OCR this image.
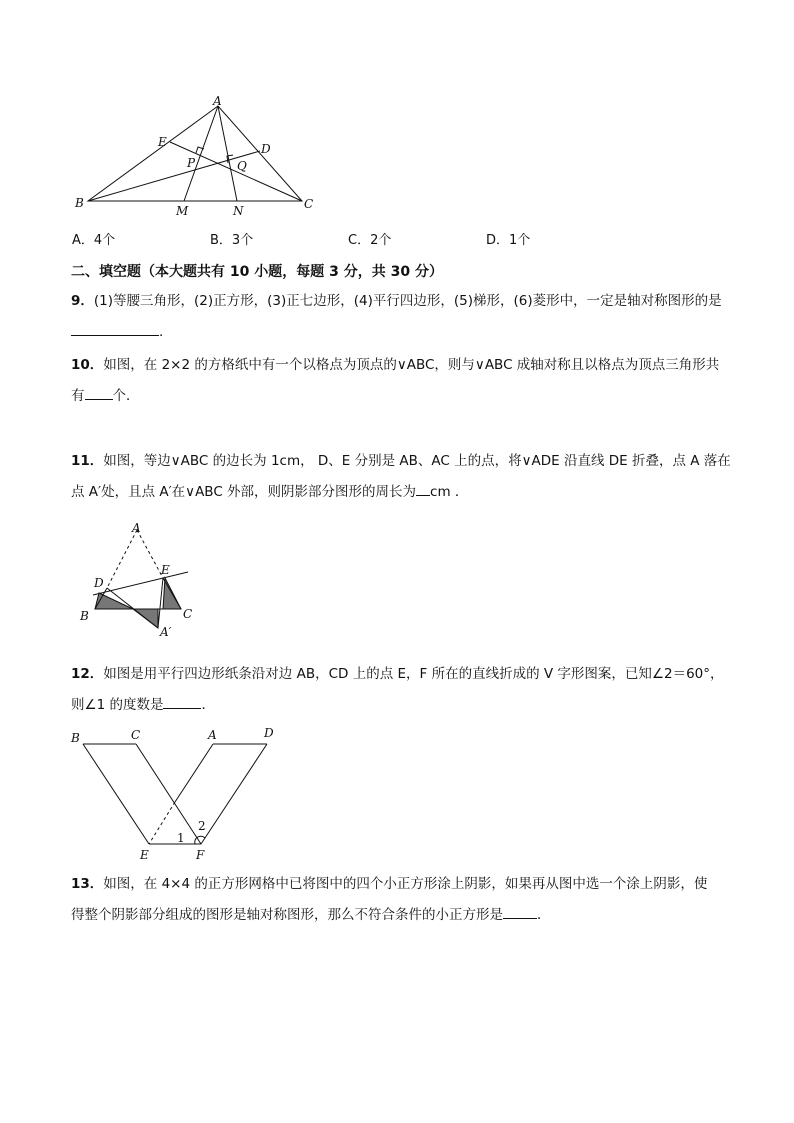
A
B	C
D
E
M	N
P	Q
A．4个	B．3个	C．2个	D．1个
二、填空题（本大题共有 10 小题，每题 3 分，共 30 分）
9．(1)等腰三角形，(2)正方形，(3)正七边形，(4)平行四边形，(5)梯形，(6)菱形中，一定是轴对称图形的是
.
10．如图，在 2×2 的方格纸中有一个以格点为顶点的∨ABC，则与∨ABC 成轴对称且以格点为顶点三角形共
有 个．
11．如图，等边∨ABC 的边长为 1cm， D、E 分别是 AB、AC 上的点，将∨ADE 沿直线 DE 折叠，点 A 落在
点 A′处，且点 A′在∨ABC 外部，则阴影部分图形的周长为 cm ．
A
D
E
B	C
A′
12．如图是用平行四边形纸条沿对边 AB，CD 上的点 E，F 所在的直线折成的 V 字形图案，已知∠2＝60°，
则∠1 的度数是	．
B	C	A	D
E	F
1
2
13．如图，在 4×4 的正方形网格中已将图中的四个小正方形涂上阴影，如果再从图中选一个涂上阴影，使
得整个阴影部分组成的图形是轴对称图形，那么不符合条件的小正方形是	．
